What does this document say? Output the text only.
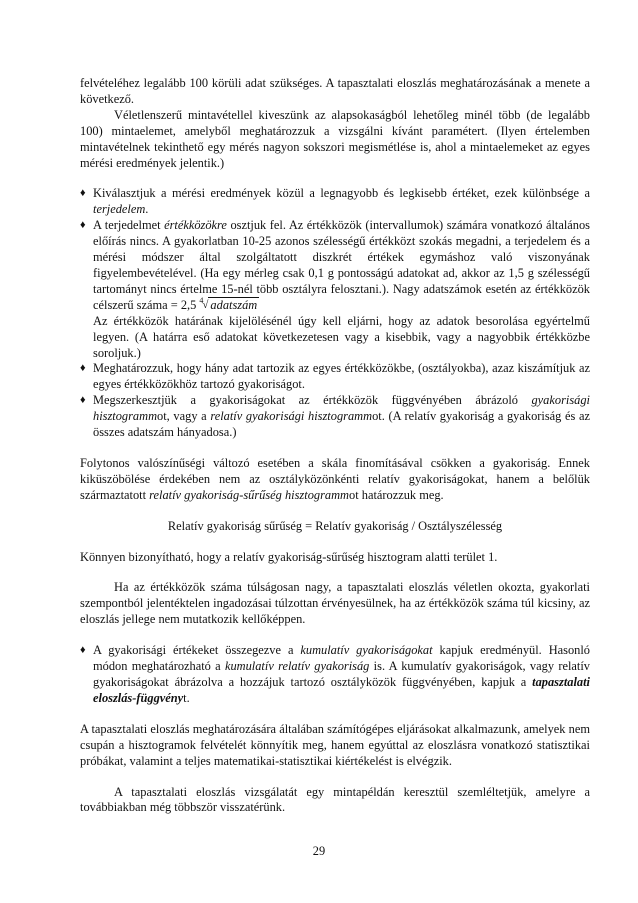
felvételéhez legalább 100 körüli adat szükséges. A tapasztalati eloszlás meghatározásának a menete a következő.

Véletlenszerű mintavétellel kiveszünk az alapsokaságból lehetőleg minél több (de legalább 100) mintaelemet, amelyből meghatározzuk a vizsgálni kívánt paramétert. (Ilyen értelemben mintavételnek tekinthető egy mérés nagyon sokszori megismétlése is, ahol a mintaelemeket az egyes mérési eredmények jelentik.)

♦ Kiválasztjuk a mérési eredmények közül a legnagyobb és legkisebb értéket, ezek különbsége a terjedelem.
♦ A terjedelmet értékközökre osztjuk fel. Az értékközök (intervallumok) számára vonatkozó általános előírás nincs. A gyakorlatban 10-25 azonos szélességű értékközt szokás megadni, a terjedelem és a mérési módszer által szolgáltatott diszkrét értékek egymáshoz való viszonyának figyelembevételével. (Ha egy mérleg csak 0,1 g pontosságú adatokat ad, akkor az 1,5 g szélességű tartományt nincs értelme 15-nél több osztályra felosztani.). Nagy adatszámok esetén az értékközök célszerű száma = 2,5 4 √ adatszám
Az értékközök határának kijelölésénél úgy kell eljárni, hogy az adatok besorolása egyértelmű legyen. (A határra eső adatokat következetesen vagy a kisebbik, vagy a nagyobbik értékközbe soroljuk.)
♦ Meghatározzuk, hogy hány adat tartozik az egyes értékközökbe, (osztályokba), azaz kiszámítjuk az egyes értékközökhöz tartozó gyakoriságot.
♦ Megszerkesztjük a gyakoriságokat az értékközök függvényében ábrázoló gyakorisági hisztogrammot, vagy a relatív gyakorisági hisztogrammot. (A relatív gyakoriság a gyakoriság és az összes adatszám hányadosa.)

Folytonos valószínűségi változó esetében a skála finomításával csökken a gyakoriság. Ennek kiküszöbölése érdekében nem az osztályközönkénti relatív gyakoriságokat, hanem a belőlük származtatott relatív gyakoriság-sűrűség hisztogrammot határozzuk meg.

Relatív gyakoriság sűrűség = Relatív gyakoriság / Osztályszélesség

Könnyen bizonyítható, hogy a relatív gyakoriság-sűrűség hisztogram alatti terület 1.

Ha az értékközök száma túlságosan nagy, a tapasztalati eloszlás véletlen okozta, gyakorlati szempontból jelentéktelen ingadozásai túlzottan érvényesülnek, ha az értékközök száma túl kicsiny, az eloszlás jellege nem mutatkozik kellőképpen.

♦ A gyakorisági értékeket összegezve a kumulatív gyakoriságokat kapjuk eredményül. Hasonló módon meghatározható a kumulatív relatív gyakoriság is. A kumulatív gyakoriságok, vagy relatív gyakoriságokat ábrázolva a hozzájuk tartozó osztályközök függvényében, kapjuk a tapasztalati eloszlás-függvényt.

A tapasztalati eloszlás meghatározására általában számítógépes eljárásokat alkalmazunk, amelyek nem csupán a hisztogramok felvételét könnyítik meg, hanem egyúttal az eloszlásra vonatkozó statisztikai próbákat, valamint a teljes matematikai-statisztikai kiértékelést is elvégzik.

A tapasztalati eloszlás vizsgálatát egy mintapéldán keresztül szemléltetjük, amelyre a továbbiakban még többször visszatérünk.

29
